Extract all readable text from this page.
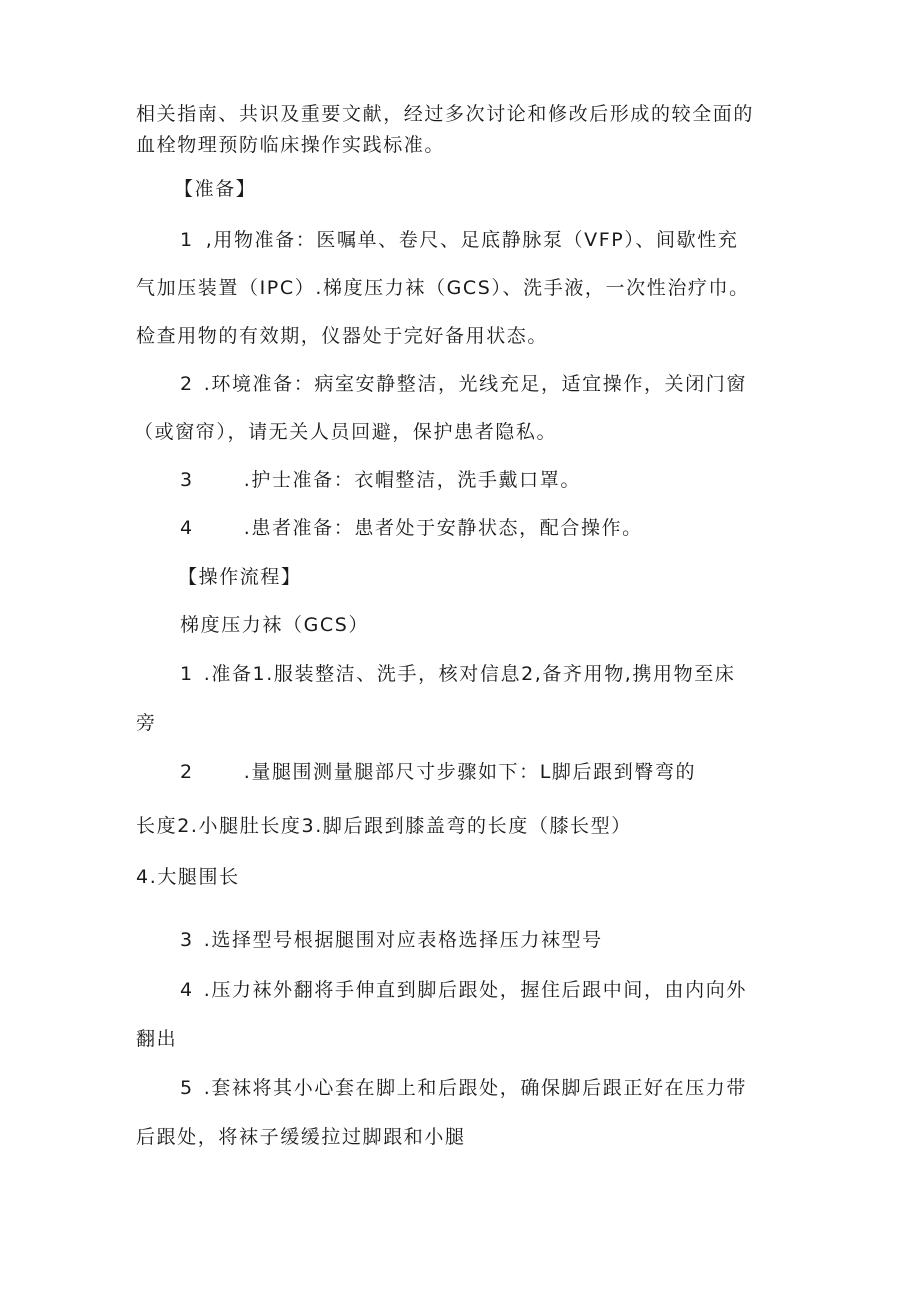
相关指南、共识及重要文献，经过多次讨论和修改后形成的较全面的

血栓物理预防临床操作实践标准。

【准备】

1 ,用物准备：医嘱单、卷尺、足底静脉泵（VFP）、间歇性充

气加压装置（IPC）.梯度压力袜（GCS）、洗手液，一次性治疗巾。

检查用物的有效期，仪器处于完好备用状态。

2 .环境准备：病室安静整洁，光线充足，适宜操作，关闭门窗

（或窗帘），请无关人员回避，保护患者隐私。

3	.护士准备：衣帽整洁，洗手戴口罩。

4	.患者准备：患者处于安静状态，配合操作。

【操作流程】

梯度压力袜（GCS）

1 .准备1.服装整洁、洗手，核对信息2,备齐用物,携用物至床

旁

2	.量腿围测量腿部尺寸步骤如下：L脚后跟到臀弯的

长度2.小腿肚长度3.脚后跟到膝盖弯的长度（膝长型）

4.大腿围长

3 .选择型号根据腿围对应表格选择压力袜型号

4 .压力袜外翻将手伸直到脚后跟处，握住后跟中间，由内向外

翻出

5 .套袜将其小心套在脚上和后跟处，确保脚后跟正好在压力带

后跟处，将袜子缓缓拉过脚跟和小腿
